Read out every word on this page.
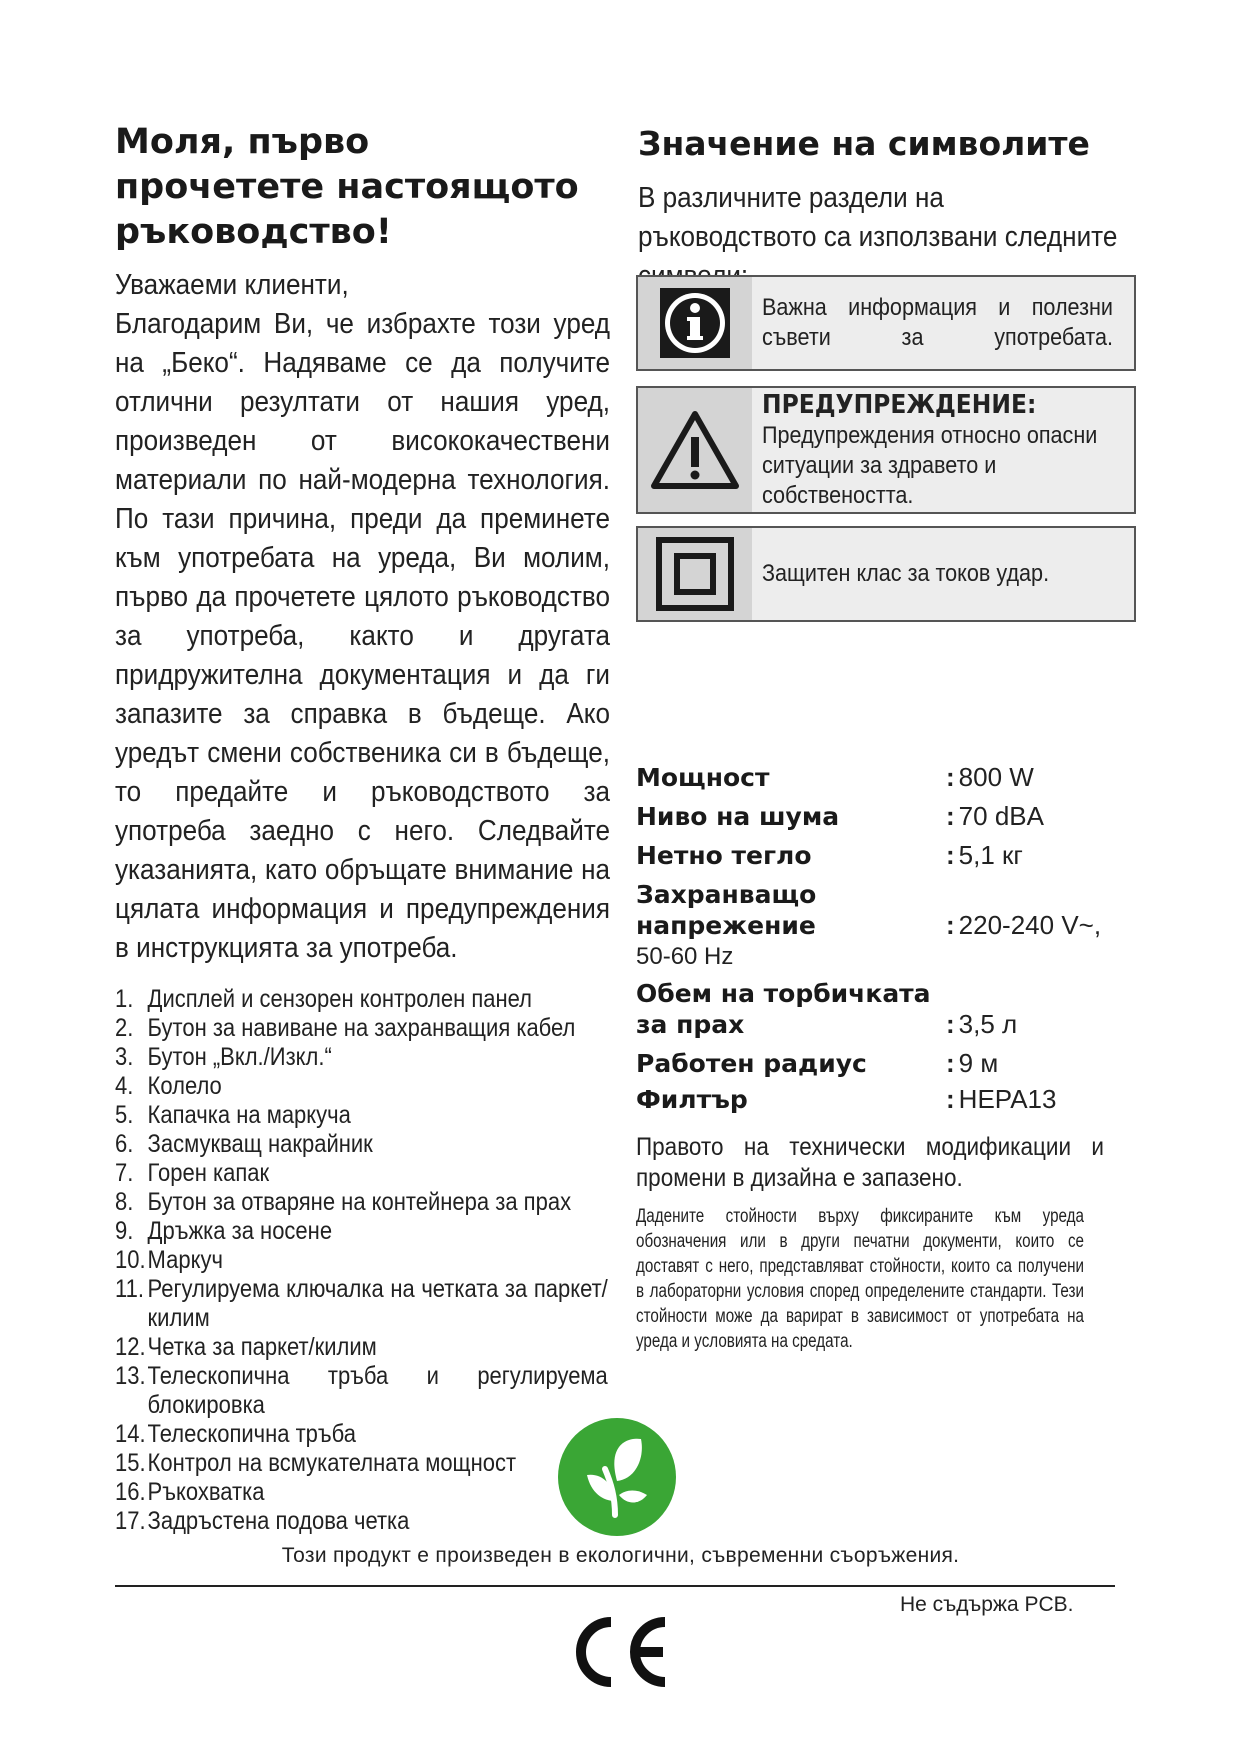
Моля, първо
прочетете настоящото
ръководство!

Уважаеми клиенти,

Благодарим Ви, че избрахте този уред на „Беко“. Надяваме се да получите отлични резултати от нашия уред, произведен от висококачествени материали по най-модерна технология. По тази причина, преди да преминете към употребата на уреда, Ви молим, първо да прочетете цялото ръководство за употреба, както и другата придружителна документация и да ги запазите за справка в бъдеще. Ако уредът смени собственика си в бъдеще, то предайте и ръководството за употреба заедно с него. Следвайте указанията, като обръщате внимание на цялата информация и предупреждения в инструкцията за употреба.

1. Дисплей и сензорен контролен панел
2. Бутон за навиване на захранващия кабел
3. Бутон „Вкл./Изкл.“
4. Колело
5. Капачка на маркуча
6. Засмукващ накрайник
7. Горен капак
8. Бутон за отваряне на контейнера за прах
9. Дръжка за носене
10. Маркуч
11. Регулируема ключалка на четката за паркет/килим
12. Четка за паркет/килим
13. Телескопична тръба и регулируема блокировка
14. Телескопична тръба
15. Контрол на всмукателната мощност
16. Ръкохватка
17. Задръстена подова четка
Значение на символите

В различните раздели на ръководството са използвани следните

Важна информация и полезни съвети за употребата.
ПРЕДУПРЕЖДЕНИЕ:
Предупреждения относно опасни ситуации за здравето и собствеността.
Защитен клас за токов удар.
Мощност	: 800 W
Ниво на шума	: 70 dBA
Нетно тегло	: 5,1 кг
Захранващо
напрежение	: 220-240 V~,
50-60 Hz
Обем на торбичката
за прах	: 3,5 л
Работен радиус	: 9 м
Филтър	: HEPA13

Правото на технически модификации и промени в дизайна е запазено.

Дадените стойности върху фиксираните към уреда обозначения или в други печатни документи, които се доставят с него, представляват стойности, които са получени в лабораторни условия според определените стандарти. Тези стойности може да варират в зависимост от употребата на уреда и условията на средата.

Този продукт е произведен в екологични, съвременни съоръжения.

Не съдържа PCB.
